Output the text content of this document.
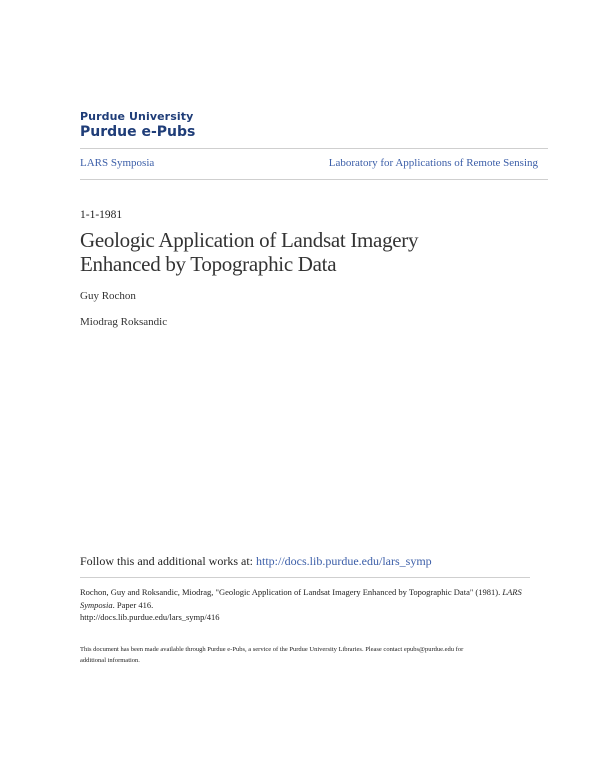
Purdue University
Purdue e-Pubs
LARS Symposia	Laboratory for Applications of Remote Sensing
1-1-1981
Geologic Application of Landsat Imagery
Enhanced by Topographic Data
Guy Rochon
Miodrag Roksandic
Follow this and additional works at: http://docs.lib.purdue.edu/lars_symp
Rochon, Guy and Roksandic, Miodrag, "Geologic Application of Landsat Imagery Enhanced by Topographic Data" (1981). LARS
Symposia. Paper 416.
http://docs.lib.purdue.edu/lars_symp/416
This document has been made available through Purdue e-Pubs, a service of the Purdue University Libraries. Please contact epubs@purdue.edu for
additional information.
